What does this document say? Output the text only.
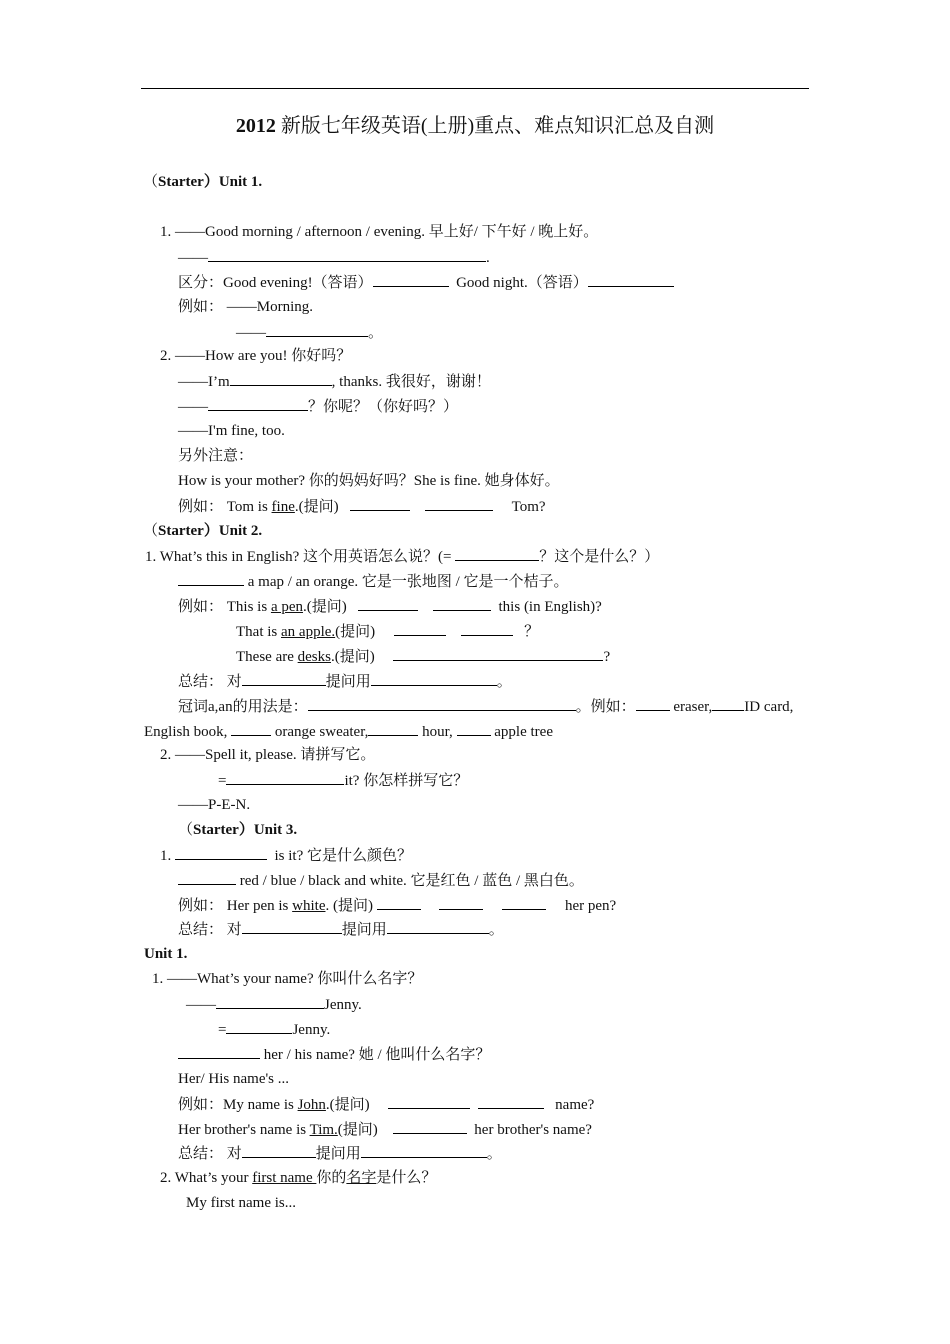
2012 新版七年级英语(上册)重点、难点知识汇总及自测
（Starter）Unit 1.
1. ——Good morning / afternoon / evening. 早上好/ 下午好 / 晚上好。
——	.
区分：Good evening!（答语）	Good night.（答语）
例如： ——Morning.
——	。
2. ——How are you! 你好吗？
——I’m	, thanks. 我很好，谢谢！
——	？你呢？（你好吗？）
——I'm fine, too.
另外注意：
How is your mother? 你的妈妈好吗？She is fine. 她身体好。
例如： Tom is fine.(提问)	Tom?
（Starter）Unit 2.
1. What’s this in English? 这个用英语怎么说？(=	？这个是什么？）
a map / an orange. 它是一张地图 / 它是一个桔子。
例如： This is a pen.(提问)	this (in English)?
That is an apple.(提问)	？
These are desks.(提问)	?
总结： 对	提问用	。
冠词a,an的用法是：	。例如： eraser, ID card,
English book,	orange sweater,	hour,  apple tree
2. ——Spell it, please. 请拼写它。
=	it? 你怎样拼写它？
——P-E-N.
（Starter）Unit 3.
1.	is it? 它是什么颜色？
red / blue / black and white. 它是红色 / 蓝色 / 黑白色。
例如： Her pen is white. (提问)	her pen?
总结： 对	提问用	。
Unit 1.
1. ——What’s your name? 你叫什么名字？
——	Jenny.
=	Jenny.
her / his name? 她 / 他叫什么名字？
Her/ His name's ...
例如：My name is John.(提问)	name?
Her brother's name is Tim.(提问)	her brother's name?
总结： 对	提问用	。
2. What’s your first name 你的名字是什么？
My first name is...
